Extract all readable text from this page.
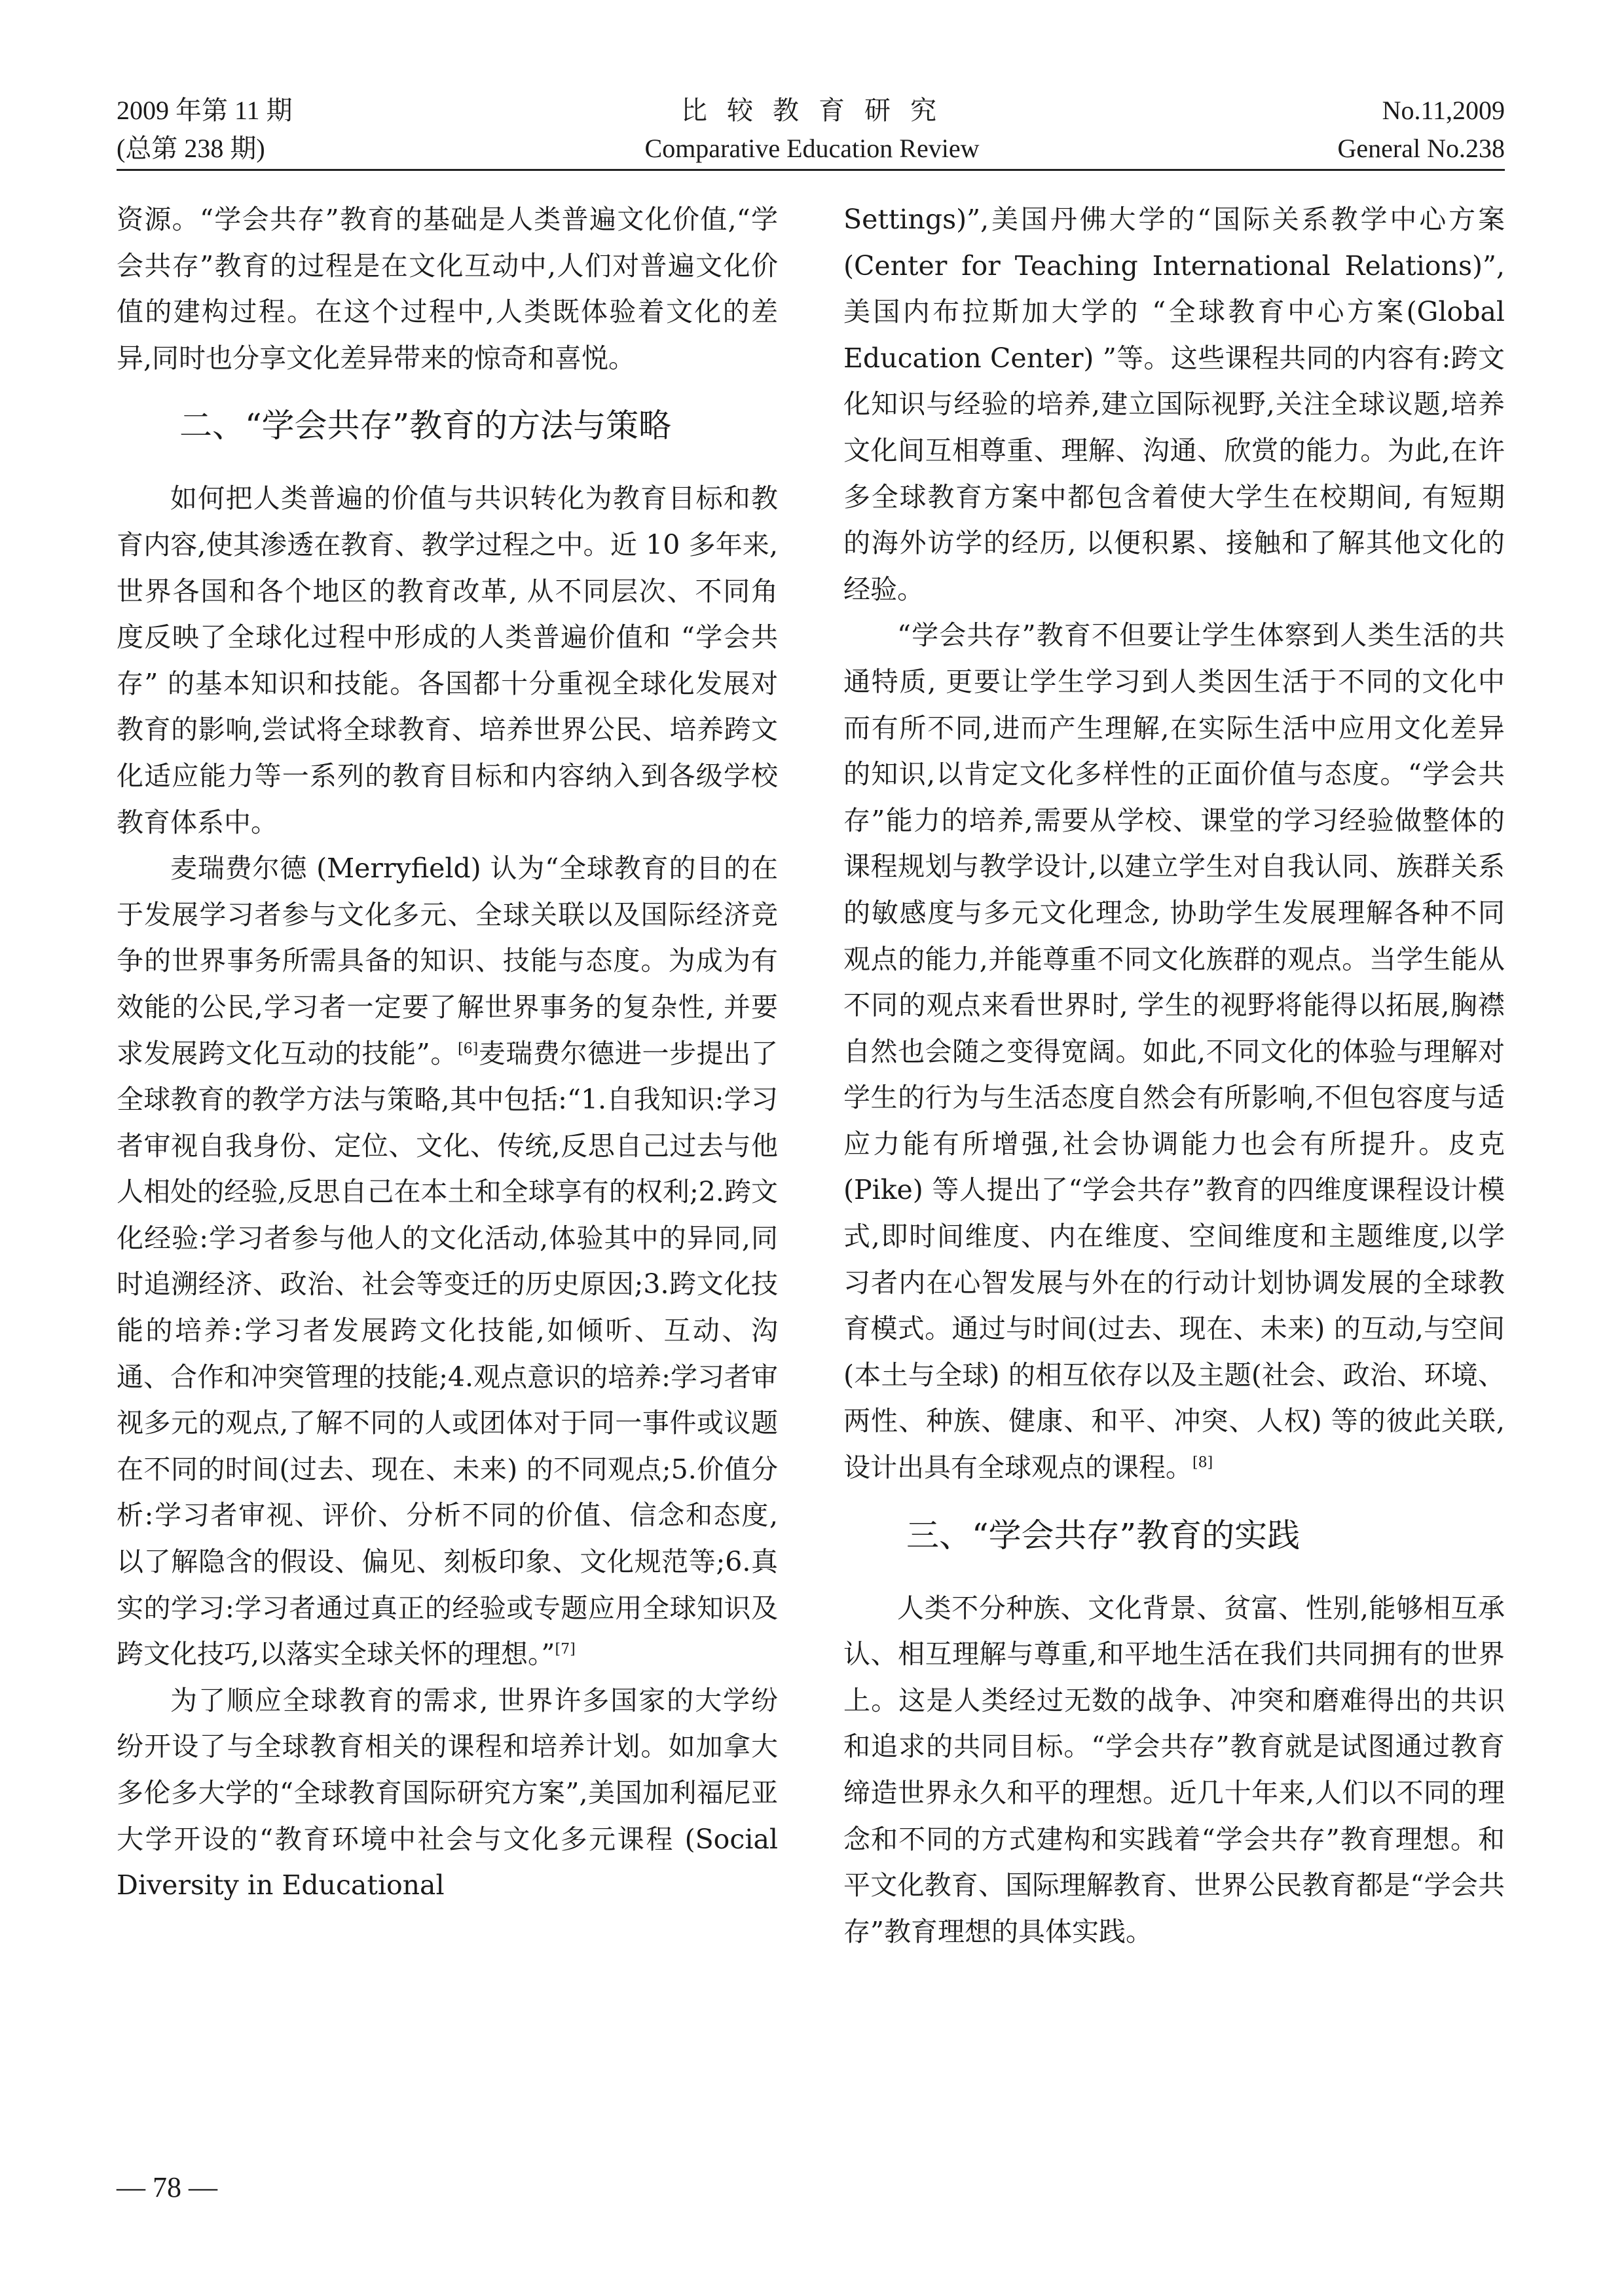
2009 年第 11 期
(总第 238 期)
比 较 教 育 研 究
Comparative Education Review
No.11,2009
General No.238

资源。“学会共存”教育的基础是人类普遍文化价值,“学会共存”教育的过程是在文化互动中,人们对普遍文化价值的建构过程。在这个过程中,人类既体验着文化的差异,同时也分享文化差异带来的惊奇和喜悦。

二、“学会共存”教育的方法与策略

如何把人类普遍的价值与共识转化为教育目标和教育内容,使其渗透在教育、教学过程之中。近 10 多年来, 世界各国和各个地区的教育改革, 从不同层次、不同角度反映了全球化过程中形成的人类普遍价值和 “学会共存” 的基本知识和技能。各国都十分重视全球化发展对教育的影响,尝试将全球教育、培养世界公民、培养跨文化适应能力等一系列的教育目标和内容纳入到各级学校教育体系中。

麦瑞费尔德 (Merryfield) 认为“全球教育的目的在于发展学习者参与文化多元、全球关联以及国际经济竞争的世界事务所需具备的知识、技能与态度。为成为有效能的公民,学习者一定要了解世界事务的复杂性, 并要求发展跨文化互动的技能”。[6]麦瑞费尔德进一步提出了全球教育的教学方法与策略,其中包括:“1.自我知识:学习者审视自我身份、定位、文化、传统,反思自己过去与他人相处的经验,反思自己在本土和全球享有的权利;2.跨文化经验:学习者参与他人的文化活动,体验其中的异同,同时追溯经济、政治、社会等变迁的历史原因;3.跨文化技能的培养:学习者发展跨文化技能,如倾听、互动、沟通、合作和冲突管理的技能;4.观点意识的培养:学习者审视多元的观点,了解不同的人或团体对于同一事件或议题在不同的时间(过去、现在、未来) 的不同观点;5.价值分析:学习者审视、评价、分析不同的价值、信念和态度,以了解隐含的假设、偏见、刻板印象、文化规范等;6.真实的学习:学习者通过真正的经验或专题应用全球知识及跨文化技巧,以落实全球关怀的理想。”[7]

为了顺应全球教育的需求, 世界许多国家的大学纷纷开设了与全球教育相关的课程和培养计划。如加拿大多伦多大学的“全球教育国际研究方案”,美国加利福尼亚大学开设的“教育环境中社会与文化多元课程 (Social Diversity in Educational

Settings)”,美国丹佛大学的“国际关系教学中心方案 (Center for Teaching International Relations)”,美国内布拉斯加大学的 “全球教育中心方案(Global Education Center) ”等。这些课程共同的内容有:跨文化知识与经验的培养,建立国际视野,关注全球议题,培养文化间互相尊重、理解、沟通、欣赏的能力。为此,在许多全球教育方案中都包含着使大学生在校期间, 有短期的海外访学的经历, 以便积累、接触和了解其他文化的经验。

“学会共存”教育不但要让学生体察到人类生活的共通特质, 更要让学生学习到人类因生活于不同的文化中而有所不同,进而产生理解,在实际生活中应用文化差异的知识,以肯定文化多样性的正面价值与态度。“学会共存”能力的培养,需要从学校、课堂的学习经验做整体的课程规划与教学设计,以建立学生对自我认同、族群关系的敏感度与多元文化理念, 协助学生发展理解各种不同观点的能力,并能尊重不同文化族群的观点。当学生能从不同的观点来看世界时, 学生的视野将能得以拓展,胸襟自然也会随之变得宽阔。如此,不同文化的体验与理解对学生的行为与生活态度自然会有所影响,不但包容度与适应力能有所增强,社会协调能力也会有所提升。皮克 (Pike) 等人提出了“学会共存”教育的四维度课程设计模式,即时间维度、内在维度、空间维度和主题维度,以学习者内在心智发展与外在的行动计划协调发展的全球教育模式。通过与时间(过去、现在、未来) 的互动,与空间(本土与全球) 的相互依存以及主题(社会、政治、环境、两性、种族、健康、和平、冲突、人权) 等的彼此关联,设计出具有全球观点的课程。[8]

三、“学会共存”教育的实践

人类不分种族、文化背景、贫富、性别,能够相互承认、相互理解与尊重,和平地生活在我们共同拥有的世界上。这是人类经过无数的战争、冲突和磨难得出的共识和追求的共同目标。“学会共存”教育就是试图通过教育缔造世界永久和平的理想。近几十年来,人们以不同的理念和不同的方式建构和实践着“学会共存”教育理想。和平文化教育、国际理解教育、世界公民教育都是“学会共存”教育理想的具体实践。

— 78 —
